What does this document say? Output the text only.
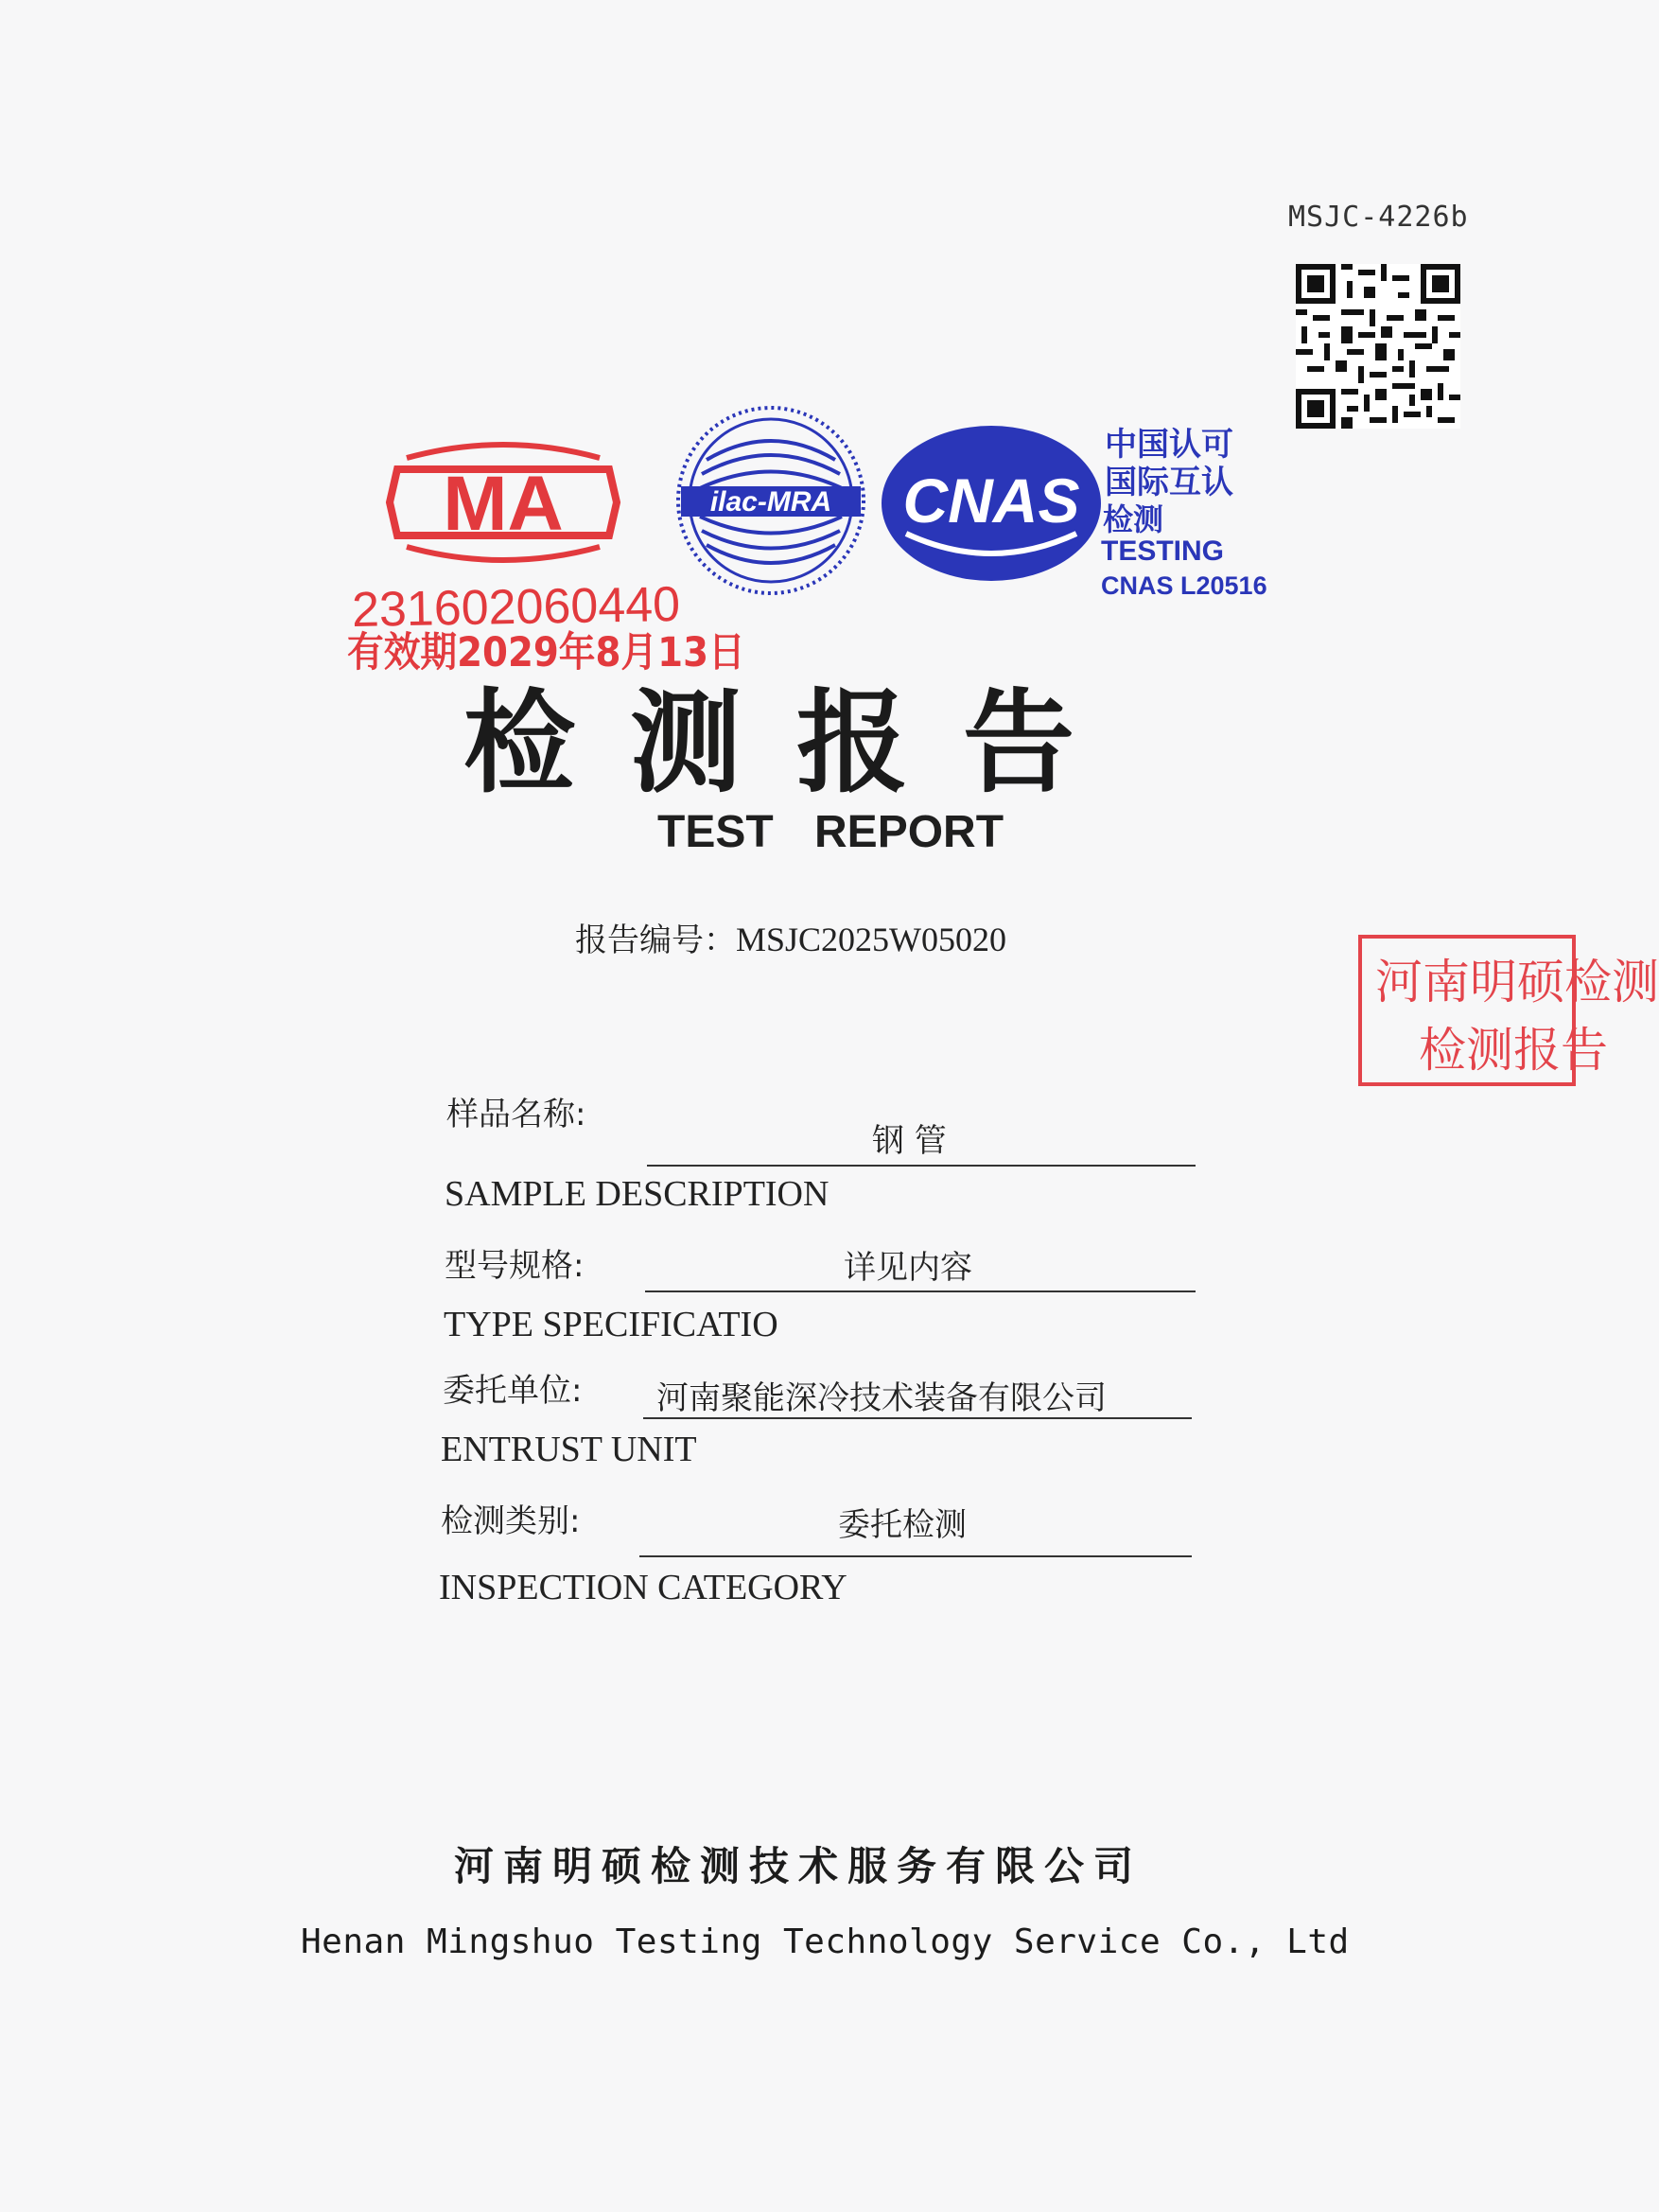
MSJC-4226b
MA
231602060440
有效期2029年8月13日
ilac-MRA CNAS
中国认可
国际互认
检测
TESTING
CNAS L20516
检测报告
TEST REPORT
报告编号：MSJC2025W05020
河南明硕检测
检测报告
样品名称:
钢 管
SAMPLE DESCRIPTION
型号规格:	详见内容
TYPE SPECIFICATIO
委托单位: 河南聚能深冷技术装备有限公司
ENTRUST UNIT
检测类别:	委托检测
INSPECTION CATEGORY
河南明硕检测技术服务有限公司
Henan Mingshuo Testing Technology Service Co., Ltd
